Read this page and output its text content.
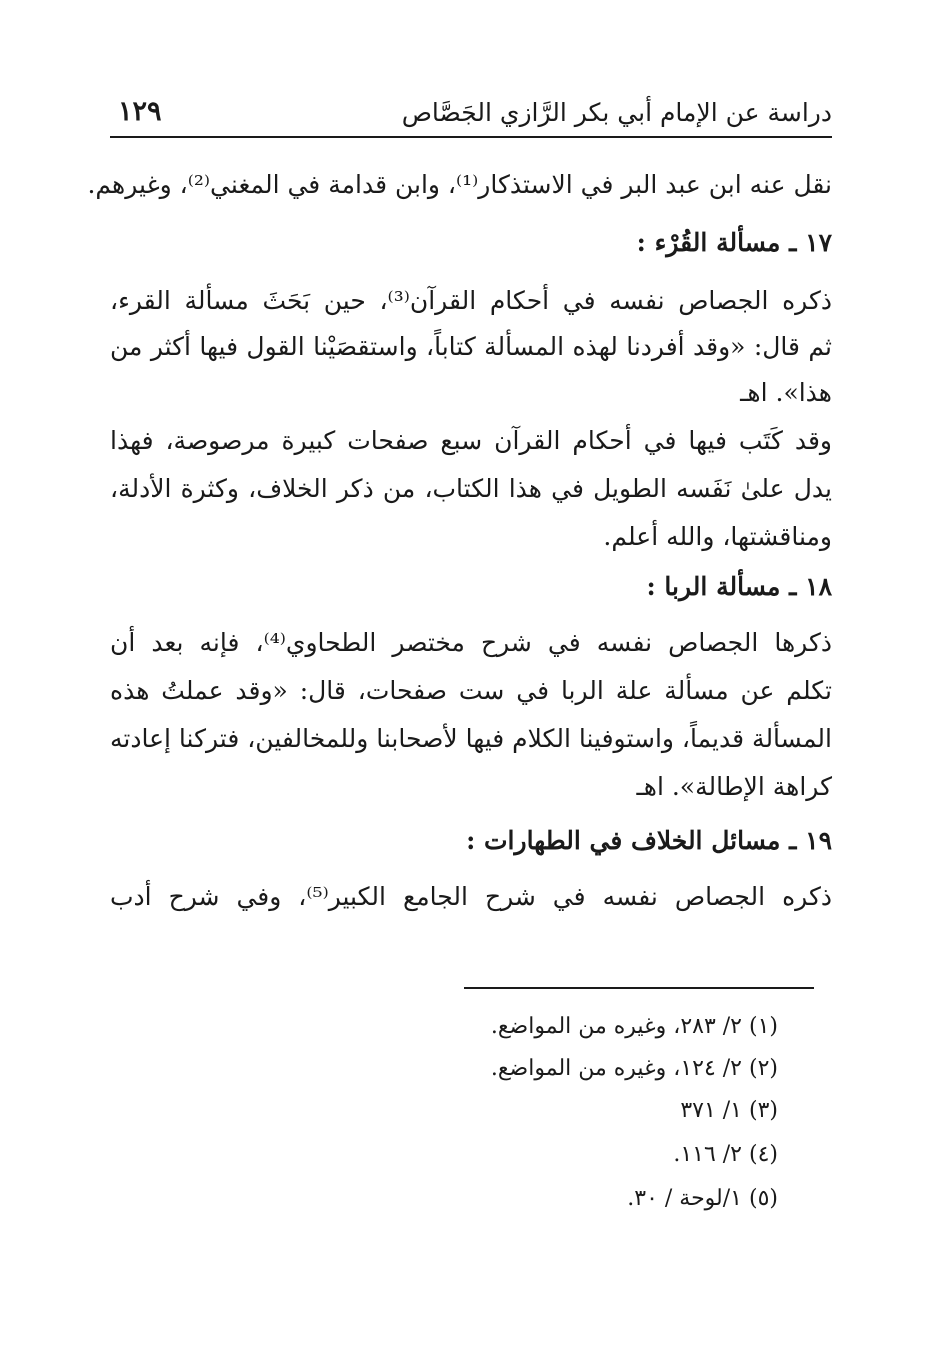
دراسة عن الإمام أبي بكر الرَّازي الجَصَّاص
١٢٩
نقل عنه ابن عبد البر في الاستذكار⁽¹⁾، وابن قدامة في المغني⁽²⁾، وغيرهم.
١٧ ـ مسألة القُرْء :
ذكره الجصاص نفسه في أحكام القرآن⁽³⁾، حين بَحَثَ مسألة القرء،
ثم قال: «وقد أفردنا لهذه المسألة كتاباً، واستقصَيْنا القول فيها أكثر من
هذا». اهـ
وقد كَتَب فيها في أحكام القرآن سبع صفحات كبيرة مرصوصة، فهذا
يدل علىٰ نَفَسه الطويل في هذا الكتاب، من ذكر الخلاف، وكثرة الأدلة،
ومناقشتها، والله أعلم.
١٨ ـ مسألة الربا :
ذكرها الجصاص نفسه في شرح مختصر الطحاوي⁽⁴⁾، فإنه بعد أن
تكلم عن مسألة علة الربا في ست صفحات، قال: «وقد عملتُ هذه
المسألة قديماً، واستوفينا الكلام فيها لأصحابنا وللمخالفين، فتركنا إعادته
كراهة الإطالة». اهـ
١٩ ـ مسائل الخلاف في الطهارات :
ذكره الجصاص نفسه في شرح الجامع الكبير⁽⁵⁾، وفي شرح أدب
(١) ٢/ ٢٨٣، وغيره من المواضع.
(٢) ٢/ ١٢٤، وغيره من المواضع.
(٣) ١/ ٣٧١
(٤) ٢/ ١١٦.
(٥) ١/لوحة / ٣٠.
